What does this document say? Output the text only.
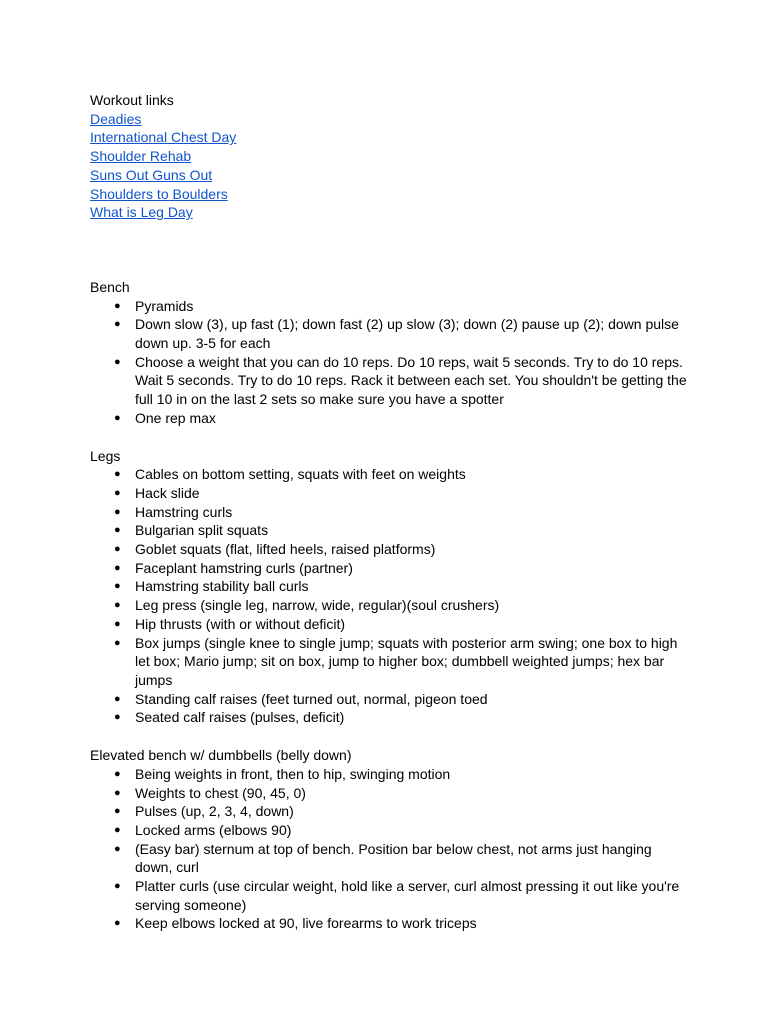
Workout links

Deadies
International Chest Day
Shoulder Rehab
Suns Out Guns Out
Shoulders to Boulders
What is Leg Day

Bench

● Pyramids
● Down slow (3), up fast (1); down fast (2) up slow (3); down (2) pause up (2); down pulse down up. 3-5 for each
● Choose a weight that you can do 10 reps. Do 10 reps, wait 5 seconds. Try to do 10 reps. Wait 5 seconds. Try to do 10 reps. Rack it between each set. You shouldn't be getting the full 10 in on the last 2 sets so make sure you have a spotter
● One rep max

Legs

● Cables on bottom setting, squats with feet on weights
● Hack slide
● Hamstring curls
● Bulgarian split squats
● Goblet squats (flat, lifted heels, raised platforms)
● Faceplant hamstring curls (partner)
● Hamstring stability ball curls
● Leg press (single leg, narrow, wide, regular)(soul crushers)
● Hip thrusts (with or without deficit)
● Box jumps (single knee to single jump; squats with posterior arm swing; one box to high let box; Mario jump; sit on box, jump to higher box; dumbbell weighted jumps; hex bar jumps
● Standing calf raises (feet turned out, normal, pigeon toed
● Seated calf raises (pulses, deficit)

Elevated bench w/ dumbbells (belly down)

● Being weights in front, then to hip, swinging motion
● Weights to chest (90, 45, 0)
● Pulses (up, 2, 3, 4, down)
● Locked arms (elbows 90)
● (Easy bar) sternum at top of bench. Position bar below chest, not arms just hanging down, curl
● Platter curls (use circular weight, hold like a server, curl almost pressing it out like you're serving someone)
● Keep elbows locked at 90, live forearms to work triceps
